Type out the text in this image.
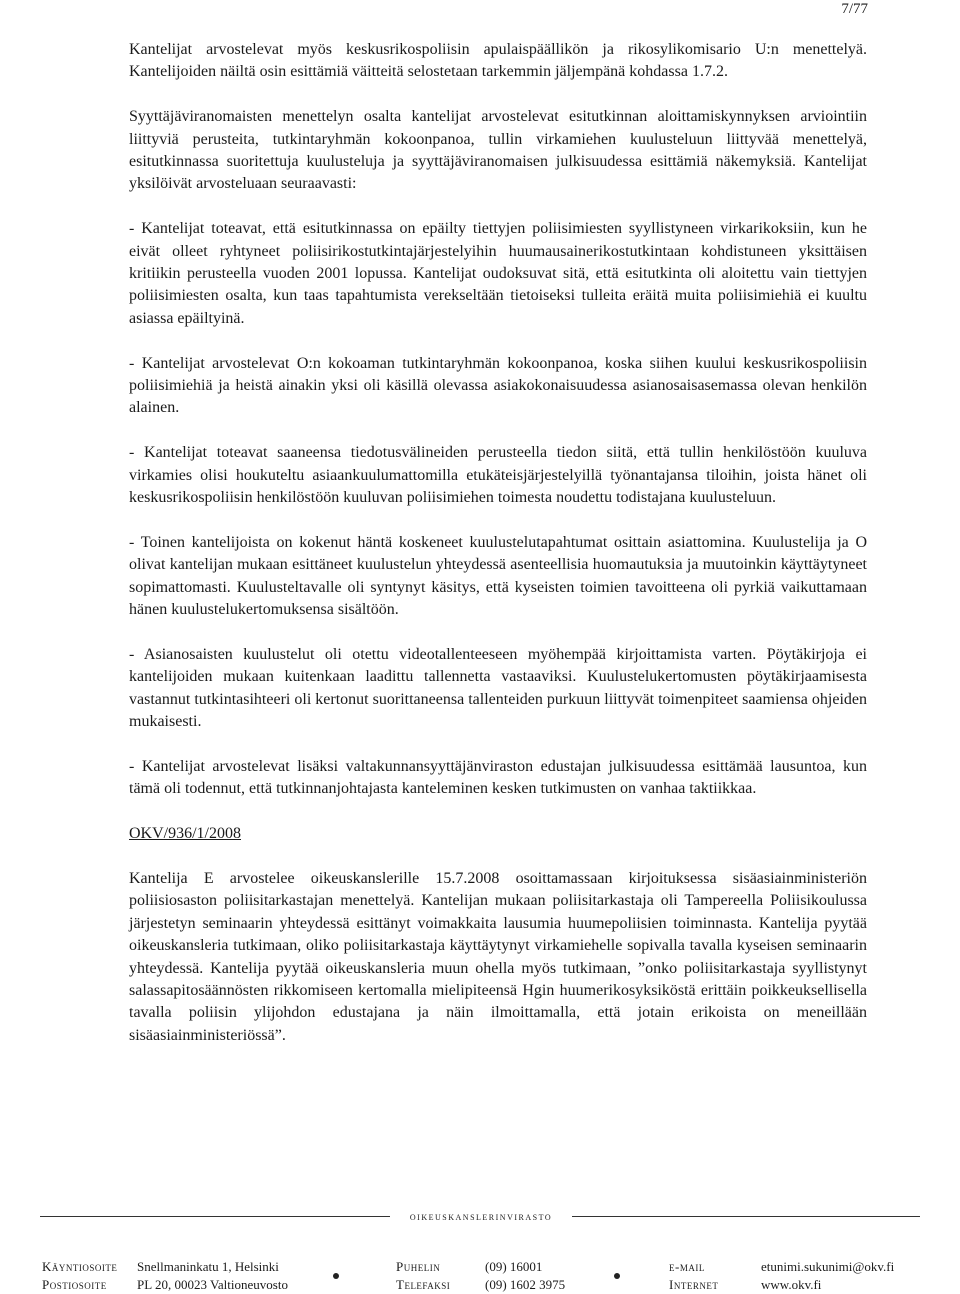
7/77

Kantelijat arvostelevat myös keskusrikospoliisin apulaispäällikön ja rikosylikomisario U:n menettelyä. Kantelijoiden näiltä osin esittämiä väitteitä selostetaan tarkemmin jäljempänä kohdassa 1.7.2.

Syyttäjäviranomaisten menettelyn osalta kantelijat arvostelevat esitutkinnan aloittamiskynnyksen arviointiin liittyviä perusteita, tutkintaryhmän kokoonpanoa, tullin virkamiehen kuulusteluun liittyvää menettelyä, esitutkinnassa suoritettuja kuulusteluja ja syyttäjäviranomaisen julkisuudessa esittämiä näkemyksiä. Kantelijat yksilöivät arvosteluaan seuraavasti:

- Kantelijat toteavat, että esitutkinnassa on epäilty tiettyjen poliisimiesten syyllistyneen virkarikoksiin, kun he eivät olleet ryhtyneet poliisirikostutkintajärjestelyihin huumausainerikostutkintaan kohdistuneen yksittäisen kritiikin perusteella vuoden 2001 lopussa. Kantelijat oudoksuvat sitä, että esitutkinta oli aloitettu vain tiettyjen poliisimiesten osalta, kun taas tapahtumista verekseltään tietoiseksi tulleita eräitä muita poliisimiehiä ei kuultu asiassa epäiltyinä.

- Kantelijat arvostelevat O:n kokoaman tutkintaryhmän kokoonpanoa, koska siihen kuului keskusrikospoliisin poliisimiehiä ja heistä ainakin yksi oli käsillä olevassa asiakokonaisuudessa asianosaisasemassa olevan henkilön alainen.

- Kantelijat toteavat saaneensa tiedotusvälineiden perusteella tiedon siitä, että tullin henkilöstöön kuuluva virkamies olisi houkuteltu asiaankuulumattomilla etukäteisjärjestelyillä työnantajansa tiloihin, joista hänet oli keskusrikospoliisin henkilöstöön kuuluvan poliisimiehen toimesta noudettu todistajana kuulusteluun.

- Toinen kantelijoista on kokenut häntä koskeneet kuulustelutapahtumat osittain asiattomina. Kuulustelija ja O olivat kantelijan mukaan esittäneet kuulustelun yhteydessä asenteellisia huomautuksia ja muutoinkin käyttäytyneet sopimattomasti. Kuulusteltavalle oli syntynyt käsitys, että kyseisten toimien tavoitteena oli pyrkiä vaikuttamaan hänen kuulustelukertomuksensa sisältöön.

- Asianosaisten kuulustelut oli otettu videotallenteeseen myöhempää kirjoittamista varten. Pöytäkirjoja ei kantelijoiden mukaan kuitenkaan laadittu tallennetta vastaaviksi. Kuulustelukertomusten pöytäkirjaamisesta vastannut tutkintasihteeri oli kertonut suorittaneensa tallenteiden purkuun liittyvät toimenpiteet saamiensa ohjeiden mukaisesti.

- Kantelijat arvostelevat lisäksi valtakunnansyyttäjänviraston edustajan julkisuudessa esittämää lausuntoa, kun tämä oli todennut, että tutkinnanjohtajasta kanteleminen kesken tutkimusten on vanhaa taktiikkaa.

OKV/936/1/2008

Kantelija E arvostelee oikeuskanslerille 15.7.2008 osoittamassaan kirjoituksessa sisäasiainministeriön poliisiosaston poliisitarkastajan menettelyä. Kantelijan mukaan poliisitarkastaja oli Tampereella Poliisikoulussa järjestetyn seminaarin yhteydessä esittänyt voimakkaita lausumia huumepoliisien toiminnasta. Kantelija pyytää oikeuskansleria tutkimaan, oliko poliisitarkastaja käyttäytynyt virkamiehelle sopivalla tavalla kyseisen seminaarin yhteydessä. Kantelija pyytää oikeuskansleria muun ohella myös tutkimaan, ”onko poliisitarkastaja syyllistynyt salassapitosäännösten rikkomiseen kertomalla mielipiteensä Hgin huumerikosyksiköstä erittäin poikkeuksellisella tavalla poliisin ylijohdon edustajana ja näin ilmoittamalla, että jotain erikoista on meneillään sisäasiainministeriössä”.

oikeuskanslerinvirasto
Käyntiosoite
Postiosoite
Snellmaninkatu 1, Helsinki
PL 20, 00023 Valtioneuvosto
Puhelin
Telefaksi
(09) 16001
(09) 1602 3975
e-mail
Internet
etunimi.sukunimi@okv.fi
www.okv.fi
